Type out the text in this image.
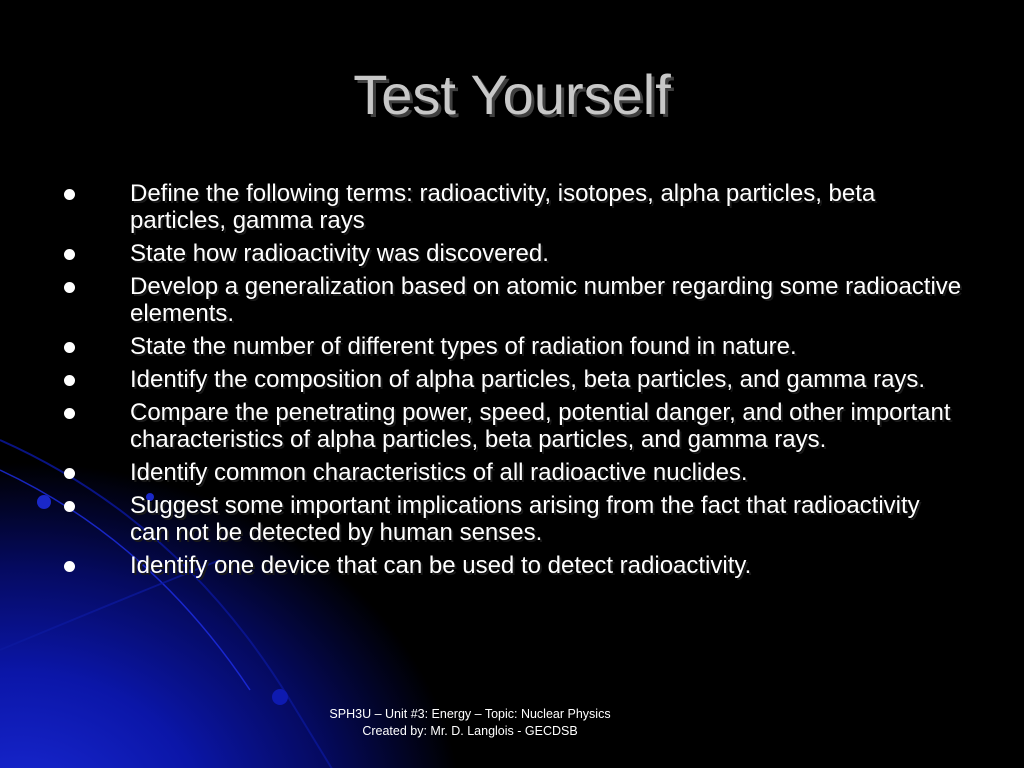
Test Yourself
Define the following terms: radioactivity, isotopes, alpha particles, beta particles, gamma rays
State how radioactivity was discovered.
Develop a generalization based on atomic number regarding some radioactive elements.
State the number of different types of radiation found in nature.
Identify the composition of alpha particles, beta particles, and gamma rays.
Compare the penetrating power, speed, potential danger, and other important characteristics of alpha particles, beta particles, and gamma rays.
Identify common characteristics of all radioactive nuclides.
Suggest some important implications arising from the fact that radioactivity can not be detected by human senses.
Identify one device that can be used to detect radioactivity.
SPH3U – Unit #3: Energy – Topic: Nuclear Physics
Created by: Mr. D. Langlois - GECDSB
